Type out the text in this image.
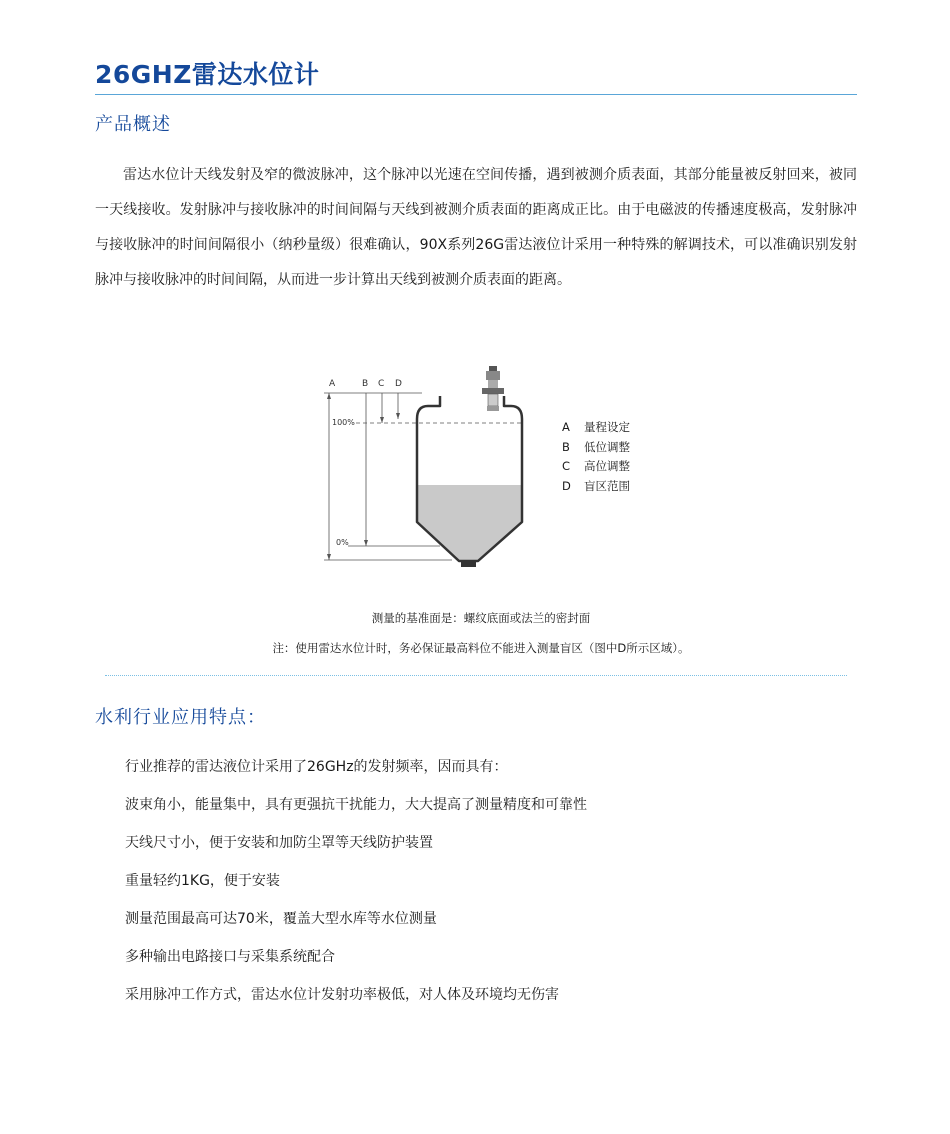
26GHZ雷达水位计
产品概述

雷达水位计天线发射及窄的微波脉冲，这个脉冲以光速在空间传播，遇到被测介质表面，其部分能量被反射回来，被同一天线接收。发射脉冲与接收脉冲的时间间隔与天线到被测介质表面的距离成正比。由于电磁波的传播速度极高，发射脉冲与接收脉冲的时间间隔很小（纳秒量级）很难确认，90X系列26G雷达液位计采用一种特殊的解调技术，可以准确识别发射脉冲与接收脉冲的时间间隔，从而进一步计算出天线到被测介质表面的距离。

A	B C D
100%
0%
A 量程设定
B 低位调整
C 高位调整
D 盲区范围
测量的基准面是：螺纹底面或法兰的密封面
注：使用雷达水位计时，务必保证最高料位不能进入测量盲区（图中D所示区域）。
水利行业应用特点：
行业推荐的雷达液位计采用了26GHz的发射频率，因而具有：
波束角小，能量集中，具有更强抗干扰能力，大大提高了测量精度和可靠性
天线尺寸小，便于安装和加防尘罩等天线防护装置
重量轻约1KG，便于安装
测量范围最高可达70米，覆盖大型水库等水位测量
多种输出电路接口与采集系统配合
采用脉冲工作方式，雷达水位计发射功率极低，对人体及环境均无伤害
